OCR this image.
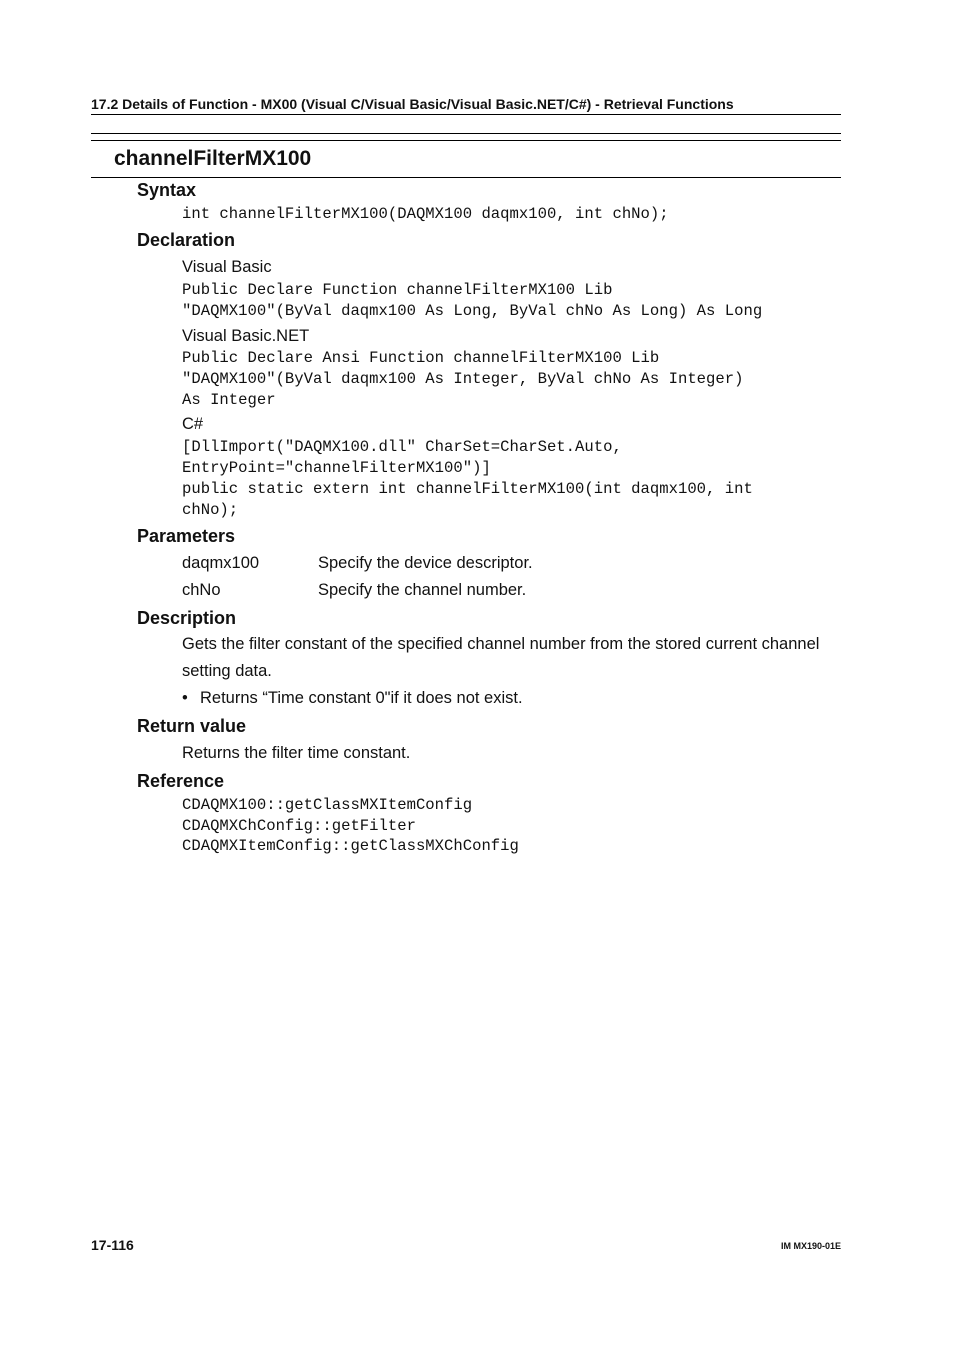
17.2 Details of Function - MX00 (Visual C/Visual Basic/Visual Basic.NET/C#) - Retrieval Functions
channelFilterMX100
Syntax
int channelFilterMX100(DAQMX100 daqmx100, int chNo);
Declaration
Visual Basic
Public Declare Function channelFilterMX100 Lib
"DAQMX100"(ByVal daqmx100 As Long, ByVal chNo As Long) As Long
Visual Basic.NET
Public Declare Ansi Function channelFilterMX100 Lib
"DAQMX100"(ByVal daqmx100 As Integer, ByVal chNo As Integer)
As Integer
C#
[DllImport("DAQMX100.dll" CharSet=CharSet.Auto,
EntryPoint="channelFilterMX100")]
public static extern int channelFilterMX100(int daqmx100, int
chNo);
Parameters
daqmx100	Specify the device descriptor.
chNo	Specify the channel number.
Description
Gets the filter constant of the specified channel number from the stored current channel setting data.
• Returns “Time constant 0"if it does not exist.
Return value
Returns the filter time constant.
Reference
CDAQMX100::getClassMXItemConfig
CDAQMXChConfig::getFilter
CDAQMXItemConfig::getClassMXChConfig
17-116	IM MX190-01E
